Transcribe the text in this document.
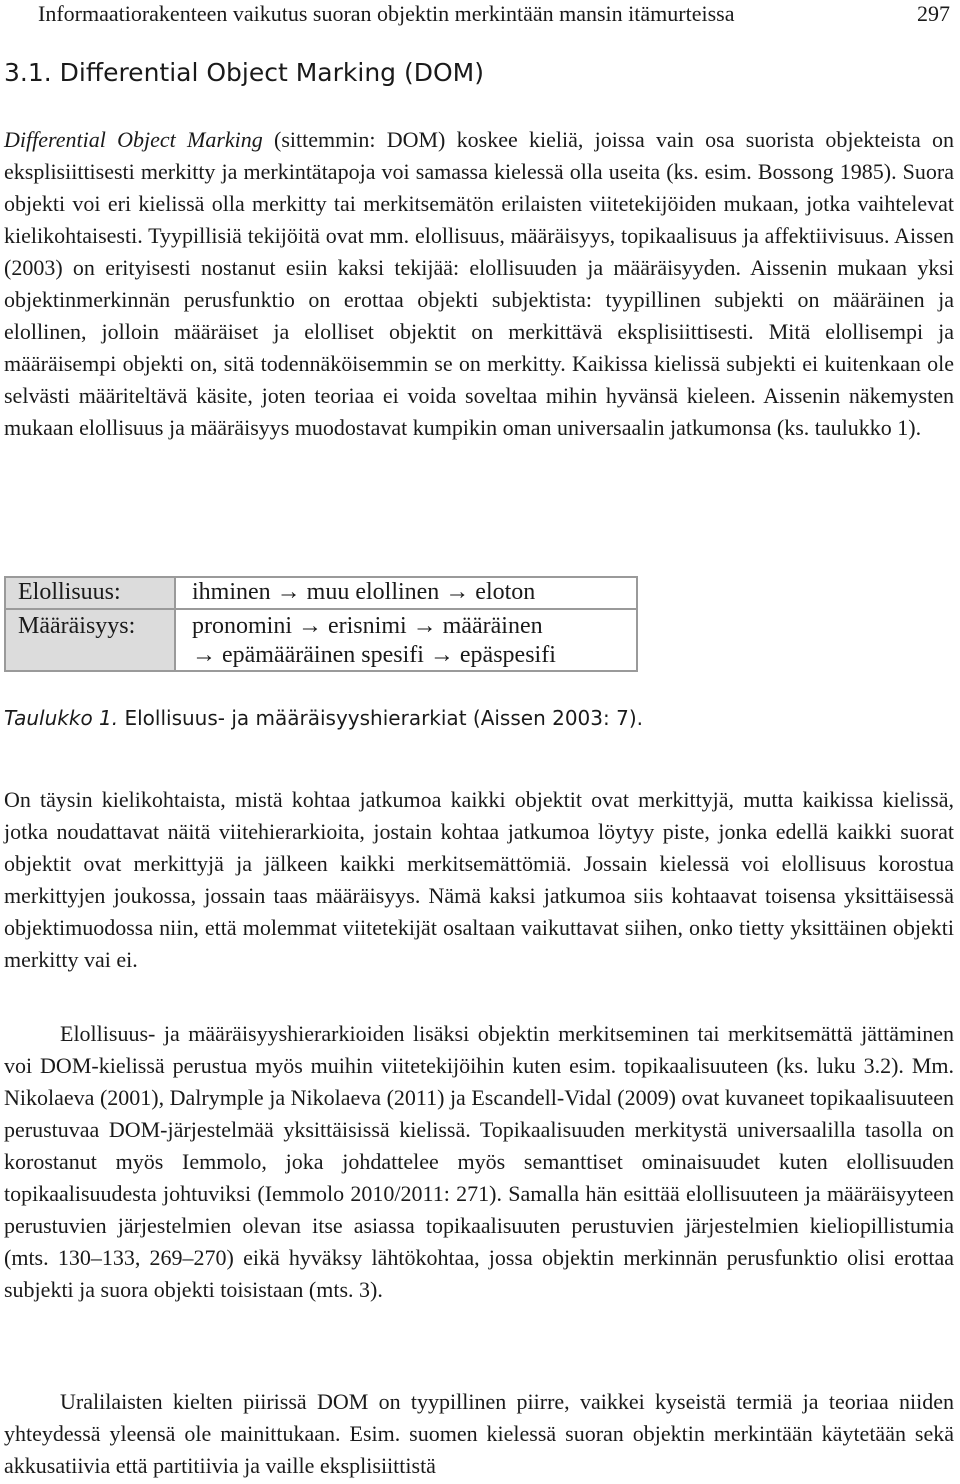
Informaatiorakenteen vaikutus suoran objektin merkintään mansin itämurteissa	297
3.1. Differential Object Marking (DOM)

Differential Object Marking (sittemmin: DOM) koskee kieliä, joissa vain osa suorista objekteista on eksplisiittisesti merkitty ja merkintätapoja voi samassa kielessä olla useita (ks. esim. Bossong 1985). Suora objekti voi eri kielissä olla merkitty tai merkitsemätön erilaisten viitetekijöiden mukaan, jotka vaihtelevat kielikohtaisesti. Tyypillisiä tekijöitä ovat mm. elollisuus, määräisyys, topikaalisuus ja affektiivisuus. Aissen (2003) on erityisesti nostanut esiin kaksi tekijää: elollisuuden ja määräisyyden. Aissenin mukaan yksi objektinmerkinnän perusfunktio on erottaa objekti subjektista: tyypillinen subjekti on määräinen ja elollinen, jolloin määräiset ja elolliset objektit on merkittävä eksplisiittisesti. Mitä elollisempi ja määräisempi objekti on, sitä todennäköisemmin se on merkitty. Kaikissa kielissä subjekti ei kuitenkaan ole selvästi määriteltävä käsite, joten teoriaa ei voida soveltaa mihin hyvänsä kieleen. Aissenin näkemysten mukaan elollisuus ja määräisyys muodostavat kumpikin oman universaalin jatkumonsa (ks. taulukko 1).

Elollisuus:
Määräisyys:
ihminen → muu elollinen → eloton
pronomini → erisnimi → määräinen
→ epämääräinen spesifi → epäspesifi
Taulukko 1. Elollisuus- ja määräisyyshierarkiat (Aissen 2003: 7).

On täysin kielikohtaista, mistä kohtaa jatkumoa kaikki objektit ovat merkittyjä, mutta kaikissa kielissä, jotka noudattavat näitä viitehierarkioita, jostain kohtaa jatkumoa löytyy piste, jonka edellä kaikki suorat objektit ovat merkittyjä ja jälkeen kaikki merkitsemättömiä. Jossain kielessä voi elollisuus korostua merkittyjen joukossa, jossain taas määräisyys. Nämä kaksi jatkumoa siis kohtaavat toisensa yksittäisessä objektimuodossa niin, että molemmat viitetekijät osaltaan vaikuttavat siihen, onko tietty yksittäinen objekti merkitty vai ei.

Elollisuus- ja määräisyyshierarkioiden lisäksi objektin merkitseminen tai merkitsemättä jättäminen voi DOM-kielissä perustua myös muihin viitetekijöihin kuten esim. topikaalisuuteen (ks. luku 3.2). Mm. Nikolaeva (2001), Dalrymple ja Nikolaeva (2011) ja Escandell-Vidal (2009) ovat kuvaneet topikaalisuuteen perustuvaa DOM-järjestelmää yksittäisissä kielissä. Topikaalisuuden merkitystä universaalilla tasolla on korostanut myös Iemmolo, joka johdattelee myös semanttiset ominaisuudet kuten elollisuuden topikaalisuudesta johtuviksi (Iemmolo 2010/2011: 271). Samalla hän esittää elollisuuteen ja määräisyyteen perustuvien järjestelmien olevan itse asiassa topikaalisuuten perustuvien järjestelmien kieliopillistumia (mts. 130–133, 269–270) eikä hyväksy lähtökohtaa, jossa objektin merkinnän perusfunktio olisi erottaa subjekti ja suora objekti toisistaan (mts. 3).

Uralilaisten kielten piirissä DOM on tyypillinen piirre, vaikkei kyseistä termiä ja teoriaa niiden yhteydessä yleensä ole mainittukaan. Esim. suomen kielessä suoran objektin merkintään käytetään sekä akkusatiivia että partitiivia ja vaille eksplisiittistä
